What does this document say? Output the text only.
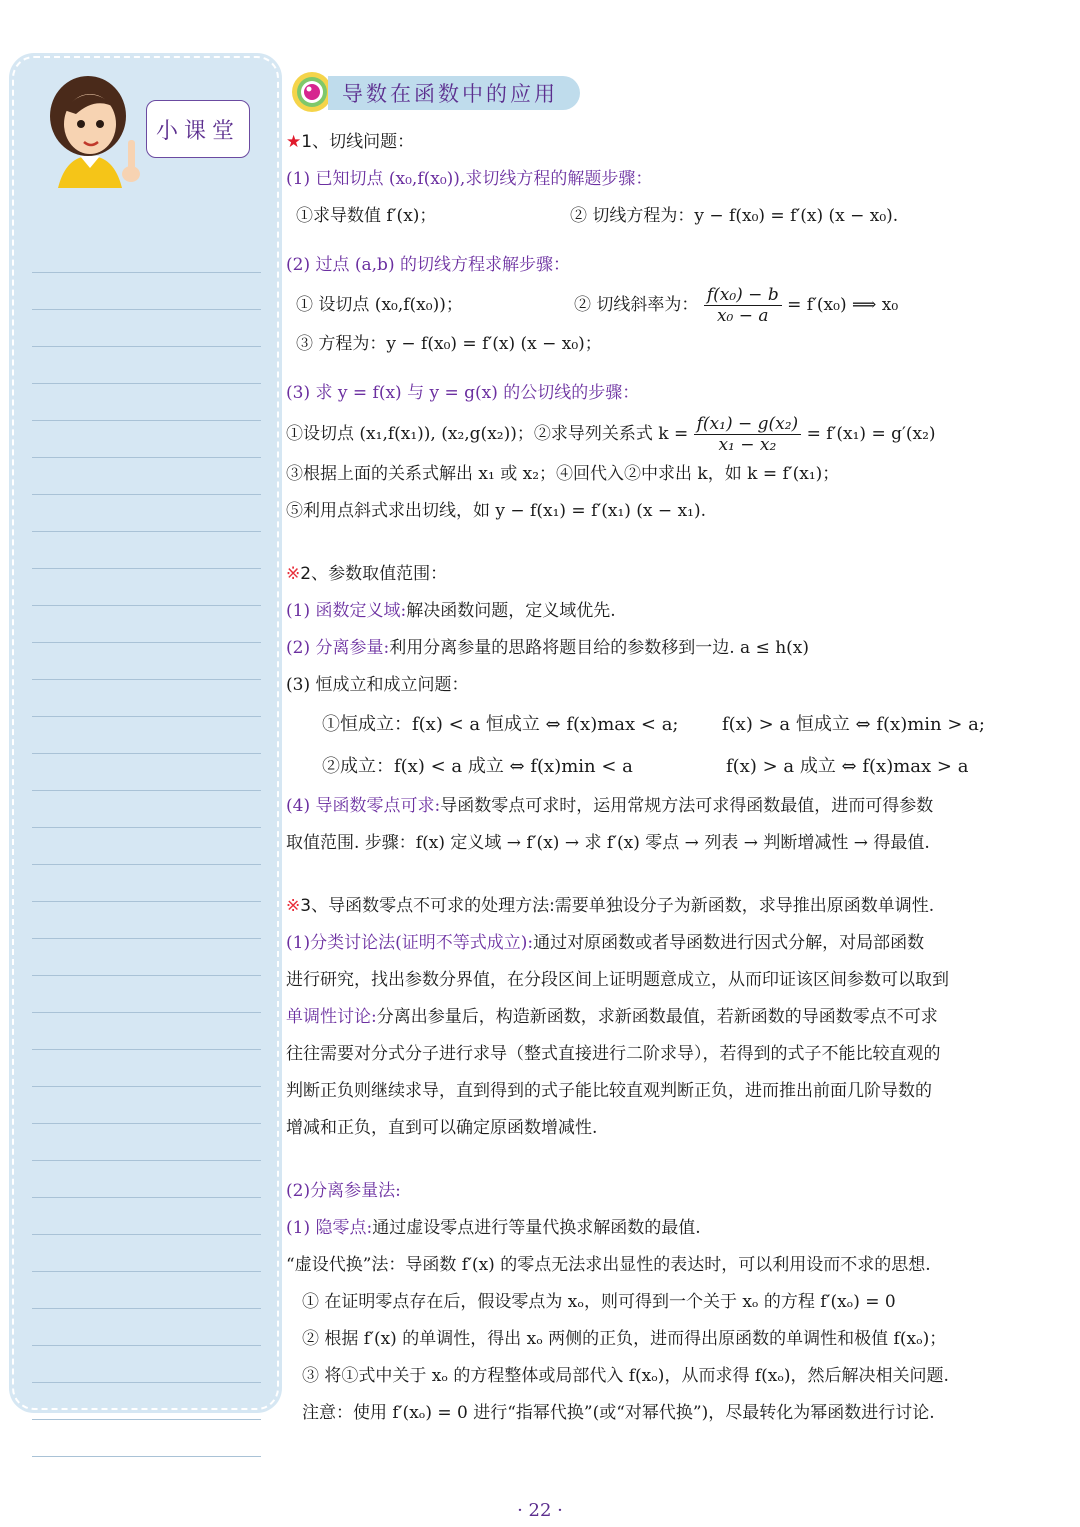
小课堂
导数在函数中的应用

★1、切线问题：

(1) 已知切点 (x₀,f(x₀)),求切线方程的解题步骤：

①求导数值 f′(x)；	② 切线方程为：y − f(x₀) = f′(x) (x − x₀).

(2) 过点 (a,b) 的切线方程求解步骤：

① 设切点 (x₀,f(x₀))；	② 切线斜率为： $\frac{\text{f(x₀) − b}}{\text{x₀ − a}} = f'(x_0)$ ⟹ x₀

③ 方程为：y − f(x₀) = f′(x) (x − x₀)；

(3) 求 y = f(x) 与 y = g(x) 的公切线的步骤：

①设切点 (x₁,f(x₁)), (x₂,g(x₂))；②求导列关系式 $k = \frac{\text{f(x₁) − g(x₂)}}{\text{x₁ − x₂}} = f'(x_1) = g'(x_2)$

③根据上面的关系式解出 x₁ 或 x₂；④回代入②中求出 k，如 k = f′(x₁)；

⑤利用点斜式求出切线，如 y − f(x₁) = f′(x₁) (x − x₁).

※2、参数取值范围：

(1) 函数定义域:解决函数问题，定义域优先.

(2) 分离参量:利用分离参量的思路将题目给的参数移到一边. a ≤ h(x)

(3) 恒成立和成立问题：

①恒成立：f(x) < a 恒成立 ⇔ f(x)max < a; f(x) > a 恒成立 ⇔ f(x)min > a;
②成立：f(x) < a 成立 ⇔ f(x)min < a	f(x) > a 成立 ⇔ f(x)max > a

(4) 导函数零点可求:导函数零点可求时，运用常规方法可求得函数最值，进而可得参数

取值范围. 步骤：f(x) 定义域 → f′(x) → 求 f′(x) 零点 → 列表 → 判断增减性 → 得最值.

※3、导函数零点不可求的处理方法:需要单独设分子为新函数，求导推出原函数单调性.

(1)分类讨论法(证明不等式成立):通过对原函数或者导函数进行因式分解，对局部函数

进行研究，找出参数分界值，在分段区间上证明题意成立，从而印证该区间参数可以取到

单调性讨论:分离出参量后，构造新函数，求新函数最值，若新函数的导函数零点不可求

往往需要对分式分子进行求导（整式直接进行二阶求导），若得到的式子不能比较直观的

判断正负则继续求导，直到得到的式子能比较直观判断正负，进而推出前面几阶导数的

增减和正负，直到可以确定原函数增减性.

(2)分离参量法:

(1) 隐零点:通过虚设零点进行等量代换求解函数的最值.

“虚设代换”法：导函数 f′(x) 的零点无法求出显性的表达时，可以利用设而不求的思想.

① 在证明零点存在后，假设零点为 xₒ，则可得到一个关于 xₒ 的方程 f′(xₒ) = 0

② 根据 f′(x) 的单调性，得出 xₒ 两侧的正负，进而得出原函数的单调性和极值 f(xₒ)；

③ 将①式中关于 xₒ 的方程整体或局部代入 f(xₒ)，从而求得 f(xₒ)，然后解决相关问题.

注意：使用 f′(xₒ) = 0 进行“指幂代换”(或“对幂代换”)，尽最转化为幂函数进行讨论.

· 22 ·
